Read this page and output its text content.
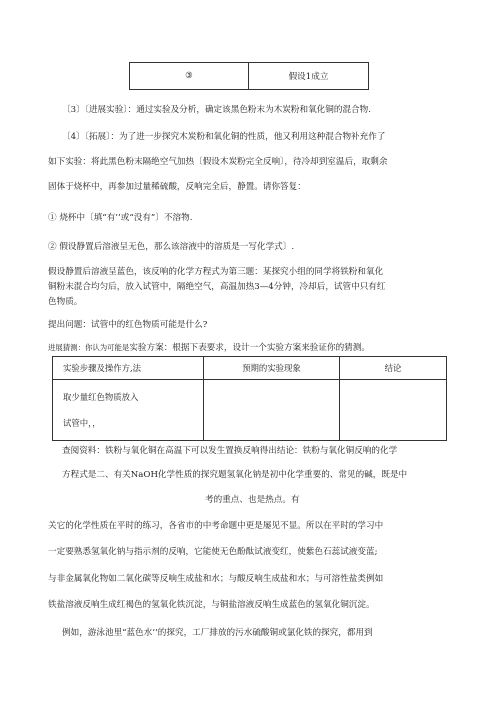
③	假设1成立
〔3〕〔进展实验〕：通过实验及分析，确定该黑色粉末为木炭粉和氧化铜的混合物.
〔4〕〔拓展〕：为了进一步探究木炭粉和氧化铜的性质，他又利用这种混合物补充作了
如下实验：将此黑色粉末隔绝空气加热〔假设木炭粉完全反响〕，待冷却到室温后，取剩余
固体于烧杯中，再参加过量稀硫酸，反响完全后，静置。请你答复：
① 烧杯中〔填“有’’或“没有”〕不溶物.
② 假设静置后溶液呈无色，那么该溶液中的溶质是一写化学式〕.
假设静置后溶液呈蓝色，该反响的化学方程式为第三题：某探究小组的同学将铁粉和氧化
铜粉末混合均匀后，放入试管中，隔绝空气，高温加热3—4分钟，冷却后，试管中只有红
色物质。
提出问题：试管中的红色物质可能是什么?
进展猜测：你认为可能是实验方案：根据下表要求，设计一个实验方案来验证你的猜测。
实验步骤及操作方,法	预期的实验现象	结论

取少量红色物质放入
试管中，，		

查阅资料：铁粉与氧化铜在高温下可以发生置换反响得出结论：铁粉与氧化铜反响的化学
方程式是二、有关NaOH化学性质的探究题氢氧化钠是初中化学重要的、常见的碱，既是中
考的重点、也是热点。有
关它的化学性质在平时的练习，各省市的中考命题中更是屡见不显。所以在平时的学习中
一定要熟悉氢氧化钠与指示剂的反响，它能使无色酚酞试液变红，使紫色石蕊试液变蓝;
与非金属氧化物如二氧化碳等反响生成盐和水；与酸反响生成盐和水；与可溶性盐类例如
铁盐溶液反响生成红褐色的氢氧化铁沉淀，与铜盐溶液反响生成蓝色的氢氧化铜沉淀。
例如，游泳池里“蓝色水’’的探究，工厂排放的污水硫酸铜或氯化铁的探究，都用到
